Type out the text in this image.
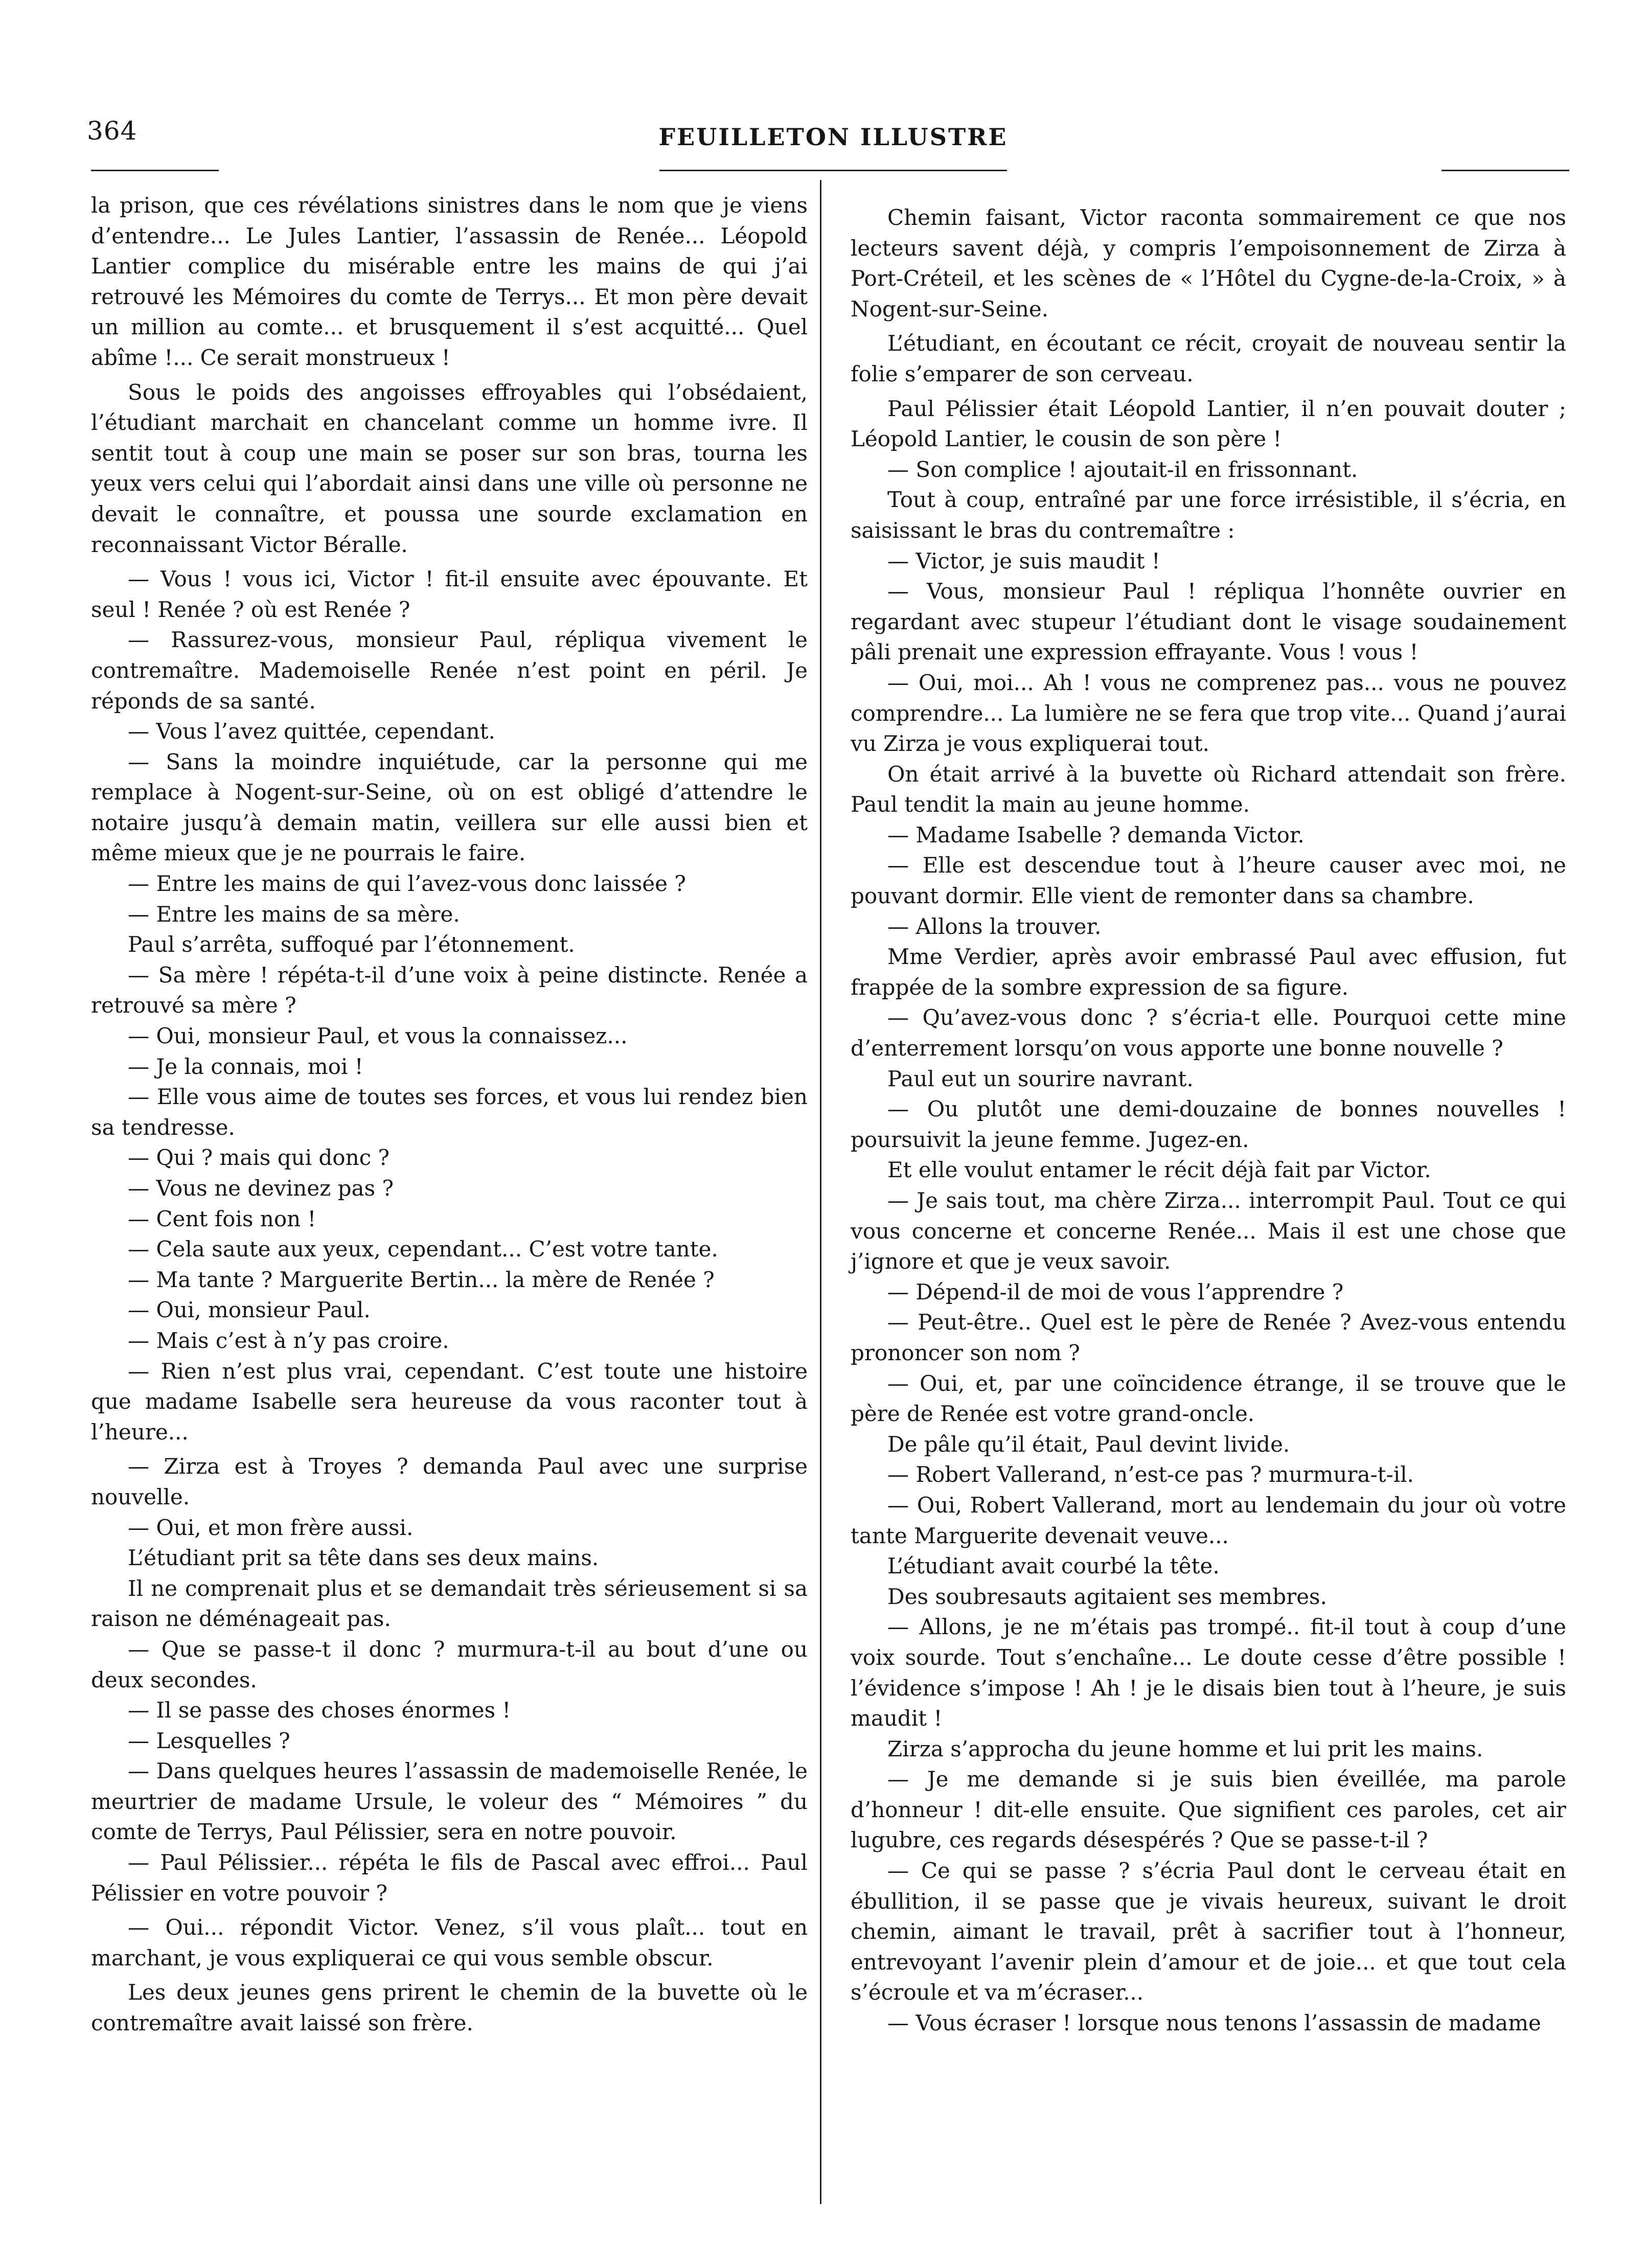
364	FEUILLETON ILLUSTRE

la prison, que ces révélations sinistres dans le nom que je viens d’entendre... Le Jules Lantier, l’assassin de Renée... Léopold Lantier complice du misérable entre les mains de qui j’ai retrouvé les Mémoires du comte de Terrys... Et mon père devait un million au comte... et brusquement il s’est acquitté... Quel abîme !... Ce serait monstrueux !

Sous le poids des angoisses effroyables qui l’obsédaient, l’étudiant marchait en chancelant comme un homme ivre. Il sentit tout à coup une main se poser sur son bras, tourna les yeux vers celui qui l’abordait ainsi dans une ville où personne ne devait le connaître, et poussa une sourde exclamation en reconnaissant Victor Béralle.

— Vous ! vous ici, Victor ! fit-il ensuite avec épouvante. Et seul ! Renée ? où est Renée ?

— Rassurez-vous, monsieur Paul, répliqua vivement le contremaître. Mademoiselle Renée n’est point en péril. Je réponds de sa santé.

— Vous l’avez quittée, cependant.

— Sans la moindre inquiétude, car la personne qui me remplace à Nogent-sur-Seine, où on est obligé d’attendre le notaire jusqu’à demain matin, veillera sur elle aussi bien et même mieux que je ne pourrais le faire.

— Entre les mains de qui l’avez-vous donc laissée ?

— Entre les mains de sa mère.

Paul s’arrêta, suffoqué par l’étonnement.

— Sa mère ! répéta-t-il d’une voix à peine distincte. Renée a retrouvé sa mère ?

— Oui, monsieur Paul, et vous la connaissez...

— Je la connais, moi !

— Elle vous aime de toutes ses forces, et vous lui rendez bien sa tendresse.

— Qui ? mais qui donc ?

— Vous ne devinez pas ?

— Cent fois non !

— Cela saute aux yeux, cependant... C’est votre tante.

— Ma tante ? Marguerite Bertin... la mère de Renée ?

— Oui, monsieur Paul.

— Mais c’est à n’y pas croire.

— Rien n’est plus vrai, cependant. C’est toute une histoire que madame Isabelle sera heureuse da vous raconter tout à l’heure...

— Zirza est à Troyes ? demanda Paul avec une surprise nouvelle.

— Oui, et mon frère aussi.

L’étudiant prit sa tête dans ses deux mains.

Il ne comprenait plus et se demandait très sérieusement si sa raison ne déménageait pas.

— Que se passe-t il donc ? murmura-t-il au bout d’une ou deux secondes.

— Il se passe des choses énormes !

— Lesquelles ?

— Dans quelques heures l’assassin de mademoiselle Renée, le meurtrier de madame Ursule, le voleur des “ Mémoires ” du comte de Terrys, Paul Pélissier, sera en notre pouvoir.

— Paul Pélissier... répéta le fils de Pascal avec effroi... Paul Pélissier en votre pouvoir ?

— Oui... répondit Victor. Venez, s’il vous plaît... tout en marchant, je vous expliquerai ce qui vous semble obscur.

Les deux jeunes gens prirent le chemin de la buvette où le contremaître avait laissé son frère.

Chemin faisant, Victor raconta sommairement ce que nos lecteurs savent déjà, y compris l’empoisonnement de Zirza à Port-Créteil, et les scènes de « l’Hôtel du Cygne-de-la-Croix, » à Nogent-sur-Seine.

L’étudiant, en écoutant ce récit, croyait de nouveau sentir la folie s’emparer de son cerveau.

Paul Pélissier était Léopold Lantier, il n’en pouvait douter ; Léopold Lantier, le cousin de son père !

— Son complice ! ajoutait-il en frissonnant.

Tout à coup, entraîné par une force irrésistible, il s’écria, en saisissant le bras du contremaître :

— Victor, je suis maudit !

— Vous, monsieur Paul ! répliqua l’honnête ouvrier en regardant avec stupeur l’étudiant dont le visage soudainement pâli prenait une expression effrayante. Vous ! vous !

— Oui, moi... Ah ! vous ne comprenez pas... vous ne pouvez comprendre... La lumière ne se fera que trop vite... Quand j’aurai vu Zirza je vous expliquerai tout.

On était arrivé à la buvette où Richard attendait son frère. Paul tendit la main au jeune homme.

— Madame Isabelle ? demanda Victor.

— Elle est descendue tout à l’heure causer avec moi, ne pouvant dormir. Elle vient de remonter dans sa chambre.

— Allons la trouver.

Mme Verdier, après avoir embrassé Paul avec effusion, fut frappée de la sombre expression de sa figure.

— Qu’avez-vous donc ? s’écria-t elle. Pourquoi cette mine d’enterrement lorsqu’on vous apporte une bonne nouvelle ?

Paul eut un sourire navrant.

— Ou plutôt une demi-douzaine de bonnes nouvelles ! poursuivit la jeune femme. Jugez-en.

Et elle voulut entamer le récit déjà fait par Victor.

— Je sais tout, ma chère Zirza... interrompit Paul. Tout ce qui vous concerne et concerne Renée... Mais il est une chose que j’ignore et que je veux savoir.

— Dépend-il de moi de vous l’apprendre ?

— Peut-être.. Quel est le père de Renée ? Avez-vous entendu prononcer son nom ?

— Oui, et, par une coïncidence étrange, il se trouve que le père de Renée est votre grand-oncle.

De pâle qu’il était, Paul devint livide.

— Robert Vallerand, n’est-ce pas ? murmura-t-il.

— Oui, Robert Vallerand, mort au lendemain du jour où votre tante Marguerite devenait veuve...

L’étudiant avait courbé la tête.

Des soubresauts agitaient ses membres.

— Allons, je ne m’étais pas trompé.. fit-il tout à coup d’une voix sourde. Tout s’enchaîne... Le doute cesse d’être possible ! l’évidence s’impose ! Ah ! je le disais bien tout à l’heure, je suis maudit !

Zirza s’approcha du jeune homme et lui prit les mains.

— Je me demande si je suis bien éveillée, ma parole d’honneur ! dit-elle ensuite. Que signifient ces paroles, cet air lugubre, ces regards désespérés ? Que se passe-t-il ?

— Ce qui se passe ? s’écria Paul dont le cerveau était en ébullition, il se passe que je vivais heureux, suivant le droit chemin, aimant le travail, prêt à sacrifier tout à l’honneur, entrevoyant l’avenir plein d’amour et de joie... et que tout cela s’écroule et va m’écraser...

— Vous écraser ! lorsque nous tenons l’assassin de madame
